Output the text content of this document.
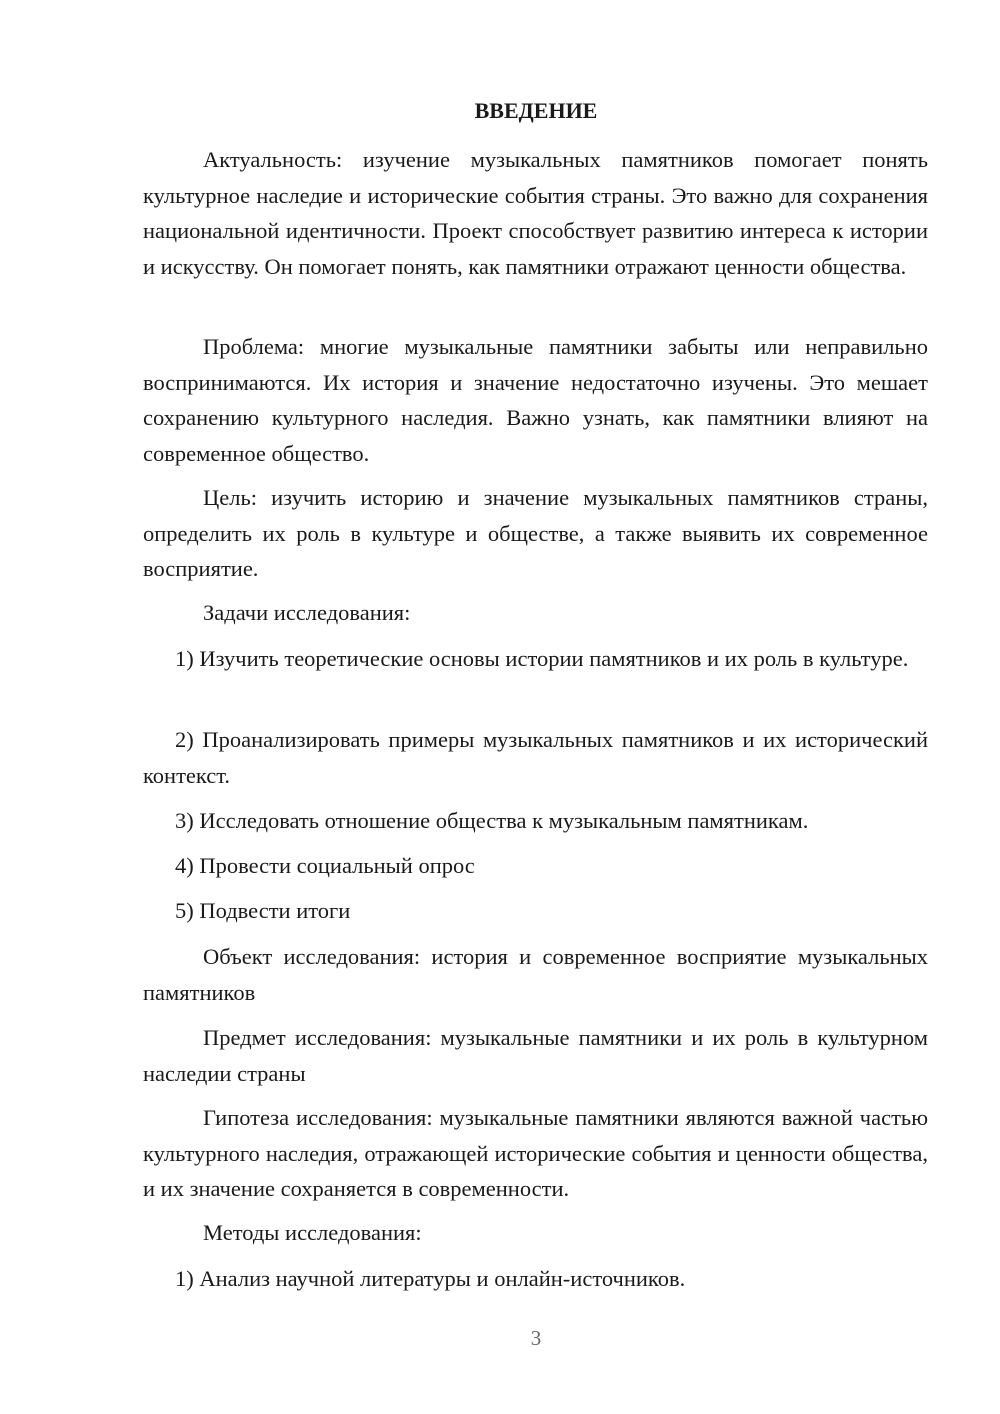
ВВЕДЕНИЕ

Актуальность: изучение музыкальных памятников помогает понять культурное наследие и исторические события страны. Это важно для сохранения национальной идентичности. Проект способствует развитию интереса к истории и искусству. Он помогает понять, как памятники отражают ценности общества.

Проблема: многие музыкальные памятники забыты или неправильно воспринимаются. Их история и значение недостаточно изучены. Это мешает сохранению культурного наследия. Важно узнать, как памятники влияют на современное общество.

Цель: изучить историю и значение музыкальных памятников страны, определить их роль в культуре и обществе, а также выявить их современное восприятие.

Задачи исследования:

1) Изучить теоретические основы истории памятников и их роль в культуре.

2) Проанализировать примеры музыкальных памятников и их исторический контекст.

3) Исследовать отношение общества к музыкальным памятникам.

4) Провести социальный опрос

5) Подвести итоги

Объект исследования: история и современное восприятие музыкальных памятников

Предмет исследования: музыкальные памятники и их роль в культурном наследии страны

Гипотеза исследования: музыкальные памятники являются важной частью культурного наследия, отражающей исторические события и ценности общества, и их значение сохраняется в современности.

Методы исследования:

1) Анализ научной литературы и онлайн-источников.

3
